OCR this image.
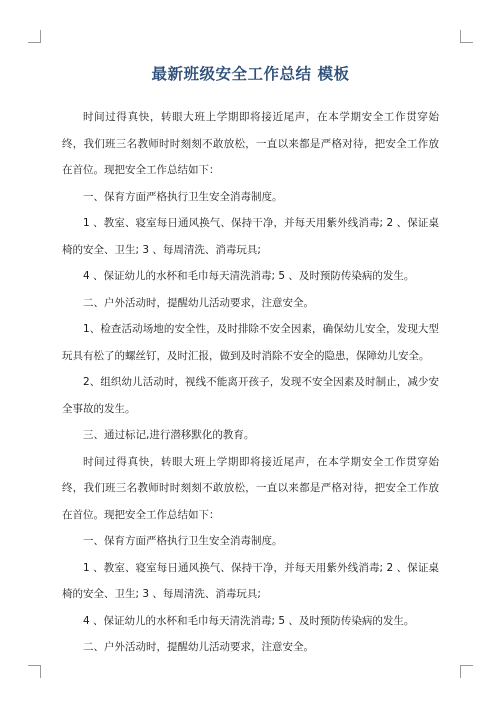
最新班级安全工作总结 模板

时间过得真快，转眼大班上学期即将接近尾声，在本学期安全工作贯穿始终，我们班三名教师时时刻刻不敢放松，一直以来都是严格对待，把安全工作放在首位。现把安全工作总结如下：

一、保育方面严格执行卫生安全消毒制度。

1 、教室、寝室每日通风换气、保持干净，并每天用紫外线消毒; 2 、保证桌椅的安全、卫生; 3 、每周清洗、消毒玩具;

4 、保证幼儿的水杯和毛巾每天清洗消毒; 5 、及时预防传染病的发生。

二、户外活动时，提醒幼儿活动要求，注意安全。

1、检查活动场地的安全性，及时排除不安全因素，确保幼儿安全，发现大型玩具有松了的螺丝钉，及时汇报，做到及时消除不安全的隐患，保障幼儿安全。

2、组织幼儿活动时，视线不能离开孩子，发现不安全因素及时制止，减少安全事故的发生。

三、通过标记,进行潜移默化的教育。

时间过得真快，转眼大班上学期即将接近尾声，在本学期安全工作贯穿始终，我们班三名教师时时刻刻不敢放松，一直以来都是严格对待，把安全工作放在首位。现把安全工作总结如下：

一、保育方面严格执行卫生安全消毒制度。

1 、教室、寝室每日通风换气、保持干净，并每天用紫外线消毒; 2 、保证桌椅的安全、卫生; 3 、每周清洗、消毒玩具;

4 、保证幼儿的水杯和毛巾每天清洗消毒; 5 、及时预防传染病的发生。

二、户外活动时，提醒幼儿活动要求，注意安全。
